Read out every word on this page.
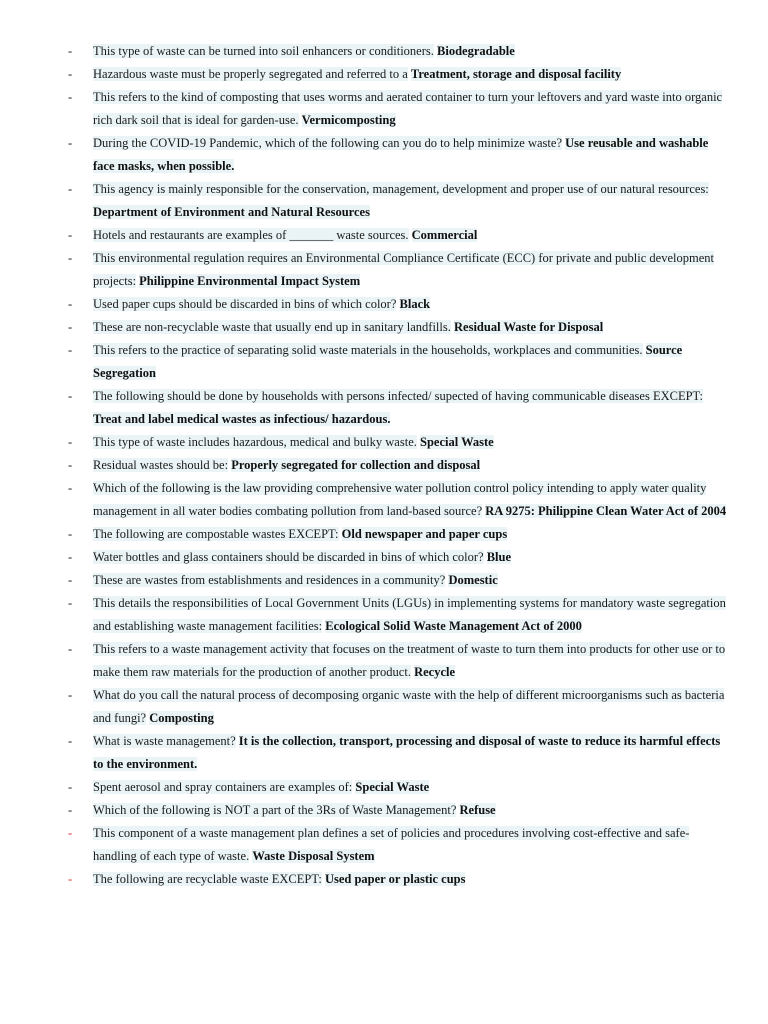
-	This type of waste can be turned into soil enhancers or conditioners. Biodegradable
-	Hazardous waste must be properly segregated and referred to a Treatment, storage and disposal facility
-	This refers to the kind of composting that uses worms and aerated container to turn your leftovers and yard waste into organic rich dark soil that is ideal for garden-use. Vermicomposting
-	During the COVID-19 Pandemic, which of the following can you do to help minimize waste? Use reusable and washable face masks, when possible.
-	This agency is mainly responsible for the conservation, management, development and proper use of our natural resources: Department of Environment and Natural Resources
-	Hotels and restaurants are examples of _______ waste sources. Commercial
-	This environmental regulation requires an Environmental Compliance Certificate (ECC) for private and public development projects: Philippine Environmental Impact System
-	Used paper cups should be discarded in bins of which color? Black
-	These are non-recyclable waste that usually end up in sanitary landfills. Residual Waste for Disposal
-	This refers to the practice of separating solid waste materials in the households, workplaces and communities. Source Segregation
-	The following should be done by households with persons infected/ supected of having communicable diseases EXCEPT: Treat and label medical wastes as infectious/ hazardous.
-	This type of waste includes hazardous, medical and bulky waste. Special Waste
-	Residual wastes should be: Properly segregated for collection and disposal
-	Which of the following is the law providing comprehensive water pollution control policy intending to apply water quality management in all water bodies combating pollution from land-based source? RA 9275: Philippine Clean Water Act of 2004
-	The following are compostable wastes EXCEPT: Old newspaper and paper cups
-	Water bottles and glass containers should be discarded in bins of which color? Blue
-	These are wastes from establishments and residences in a community? Domestic
-	This details the responsibilities of Local Government Units (LGUs) in implementing systems for mandatory waste segregation and establishing waste management facilities: Ecological Solid Waste Management Act of 2000
-	This refers to a waste management activity that focuses on the treatment of waste to turn them into products for other use or to make them raw materials for the production of another product. Recycle
-	What do you call the natural process of decomposing organic waste with the help of different microorganisms such as bacteria and fungi? Composting
-	What is waste management? It is the collection, transport, processing and disposal of waste to reduce its harmful effects to the environment.
-	Spent aerosol and spray containers are examples of: Special Waste
-	Which of the following is NOT a part of the 3Rs of Waste Management? Refuse
-	This component of a waste management plan defines a set of policies and procedures involving cost-effective and safe-handling of each type of waste. Waste Disposal System
-	The following are recyclable waste EXCEPT: Used paper or plastic cups
